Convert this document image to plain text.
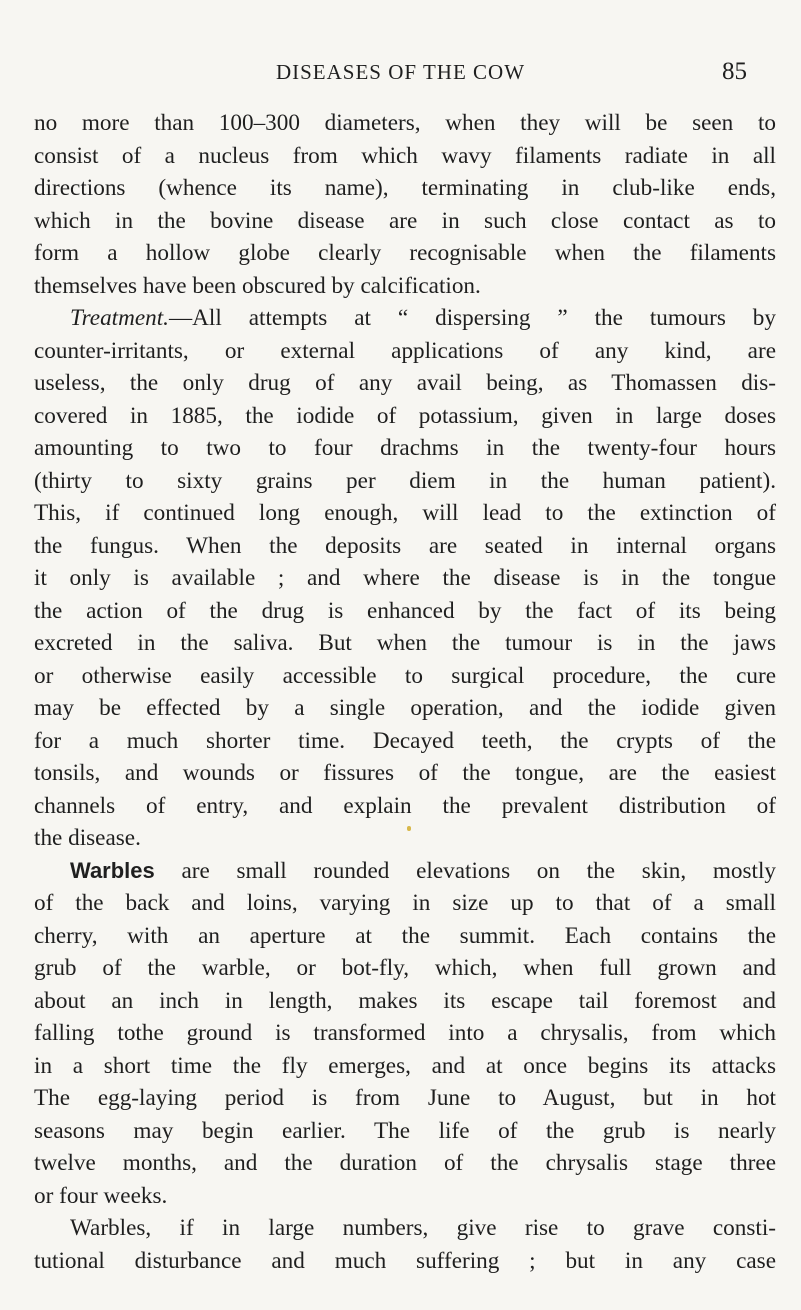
DISEASES OF THE COW	85
no more than 100–300 diameters, when they will be seen to
consist of a nucleus from which wavy filaments radiate in all
directions (whence its name), terminating in club-like ends,
which in the bovine disease are in such close contact as to
form a hollow globe clearly recognisable when the filaments
themselves have been obscured by calcification.
Treatment.—All attempts at “ dispersing ” the tumours by
counter-irritants, or external applications of any kind, are
useless, the only drug of any avail being, as Thomassen dis-
covered in 1885, the iodide of potassium, given in large doses
amounting to two to four drachms in the twenty-four hours
(thirty to sixty grains per diem in the human patient).
This, if continued long enough, will lead to the extinction of
the fungus. When the deposits are seated in internal organs
it only is available ; and where the disease is in the tongue
the action of the drug is enhanced by the fact of its being
excreted in the saliva. But when the tumour is in the jaws
or otherwise easily accessible to surgical procedure, the cure
may be effected by a single operation, and the iodide given
for a much shorter time. Decayed teeth, the crypts of the
tonsils, and wounds or fissures of the tongue, are the easiest
channels of entry, and explain the prevalent distribution of
the disease.
Warbles are small rounded elevations on the skin, mostly
of the back and loins, varying in size up to that of a small
cherry, with an aperture at the summit. Each contains the
grub of the warble, or bot-fly, which, when full grown and
about an inch in length, makes its escape tail foremost and
falling tothe ground is transformed into a chrysalis, from which
in a short time the fly emerges, and at once begins its attacks
The egg-laying period is from June to August, but in hot
seasons may begin earlier. The life of the grub is nearly
twelve months, and the duration of the chrysalis stage three
or four weeks.
Warbles, if in large numbers, give rise to grave consti-
tutional disturbance and much suffering ; but in any case
